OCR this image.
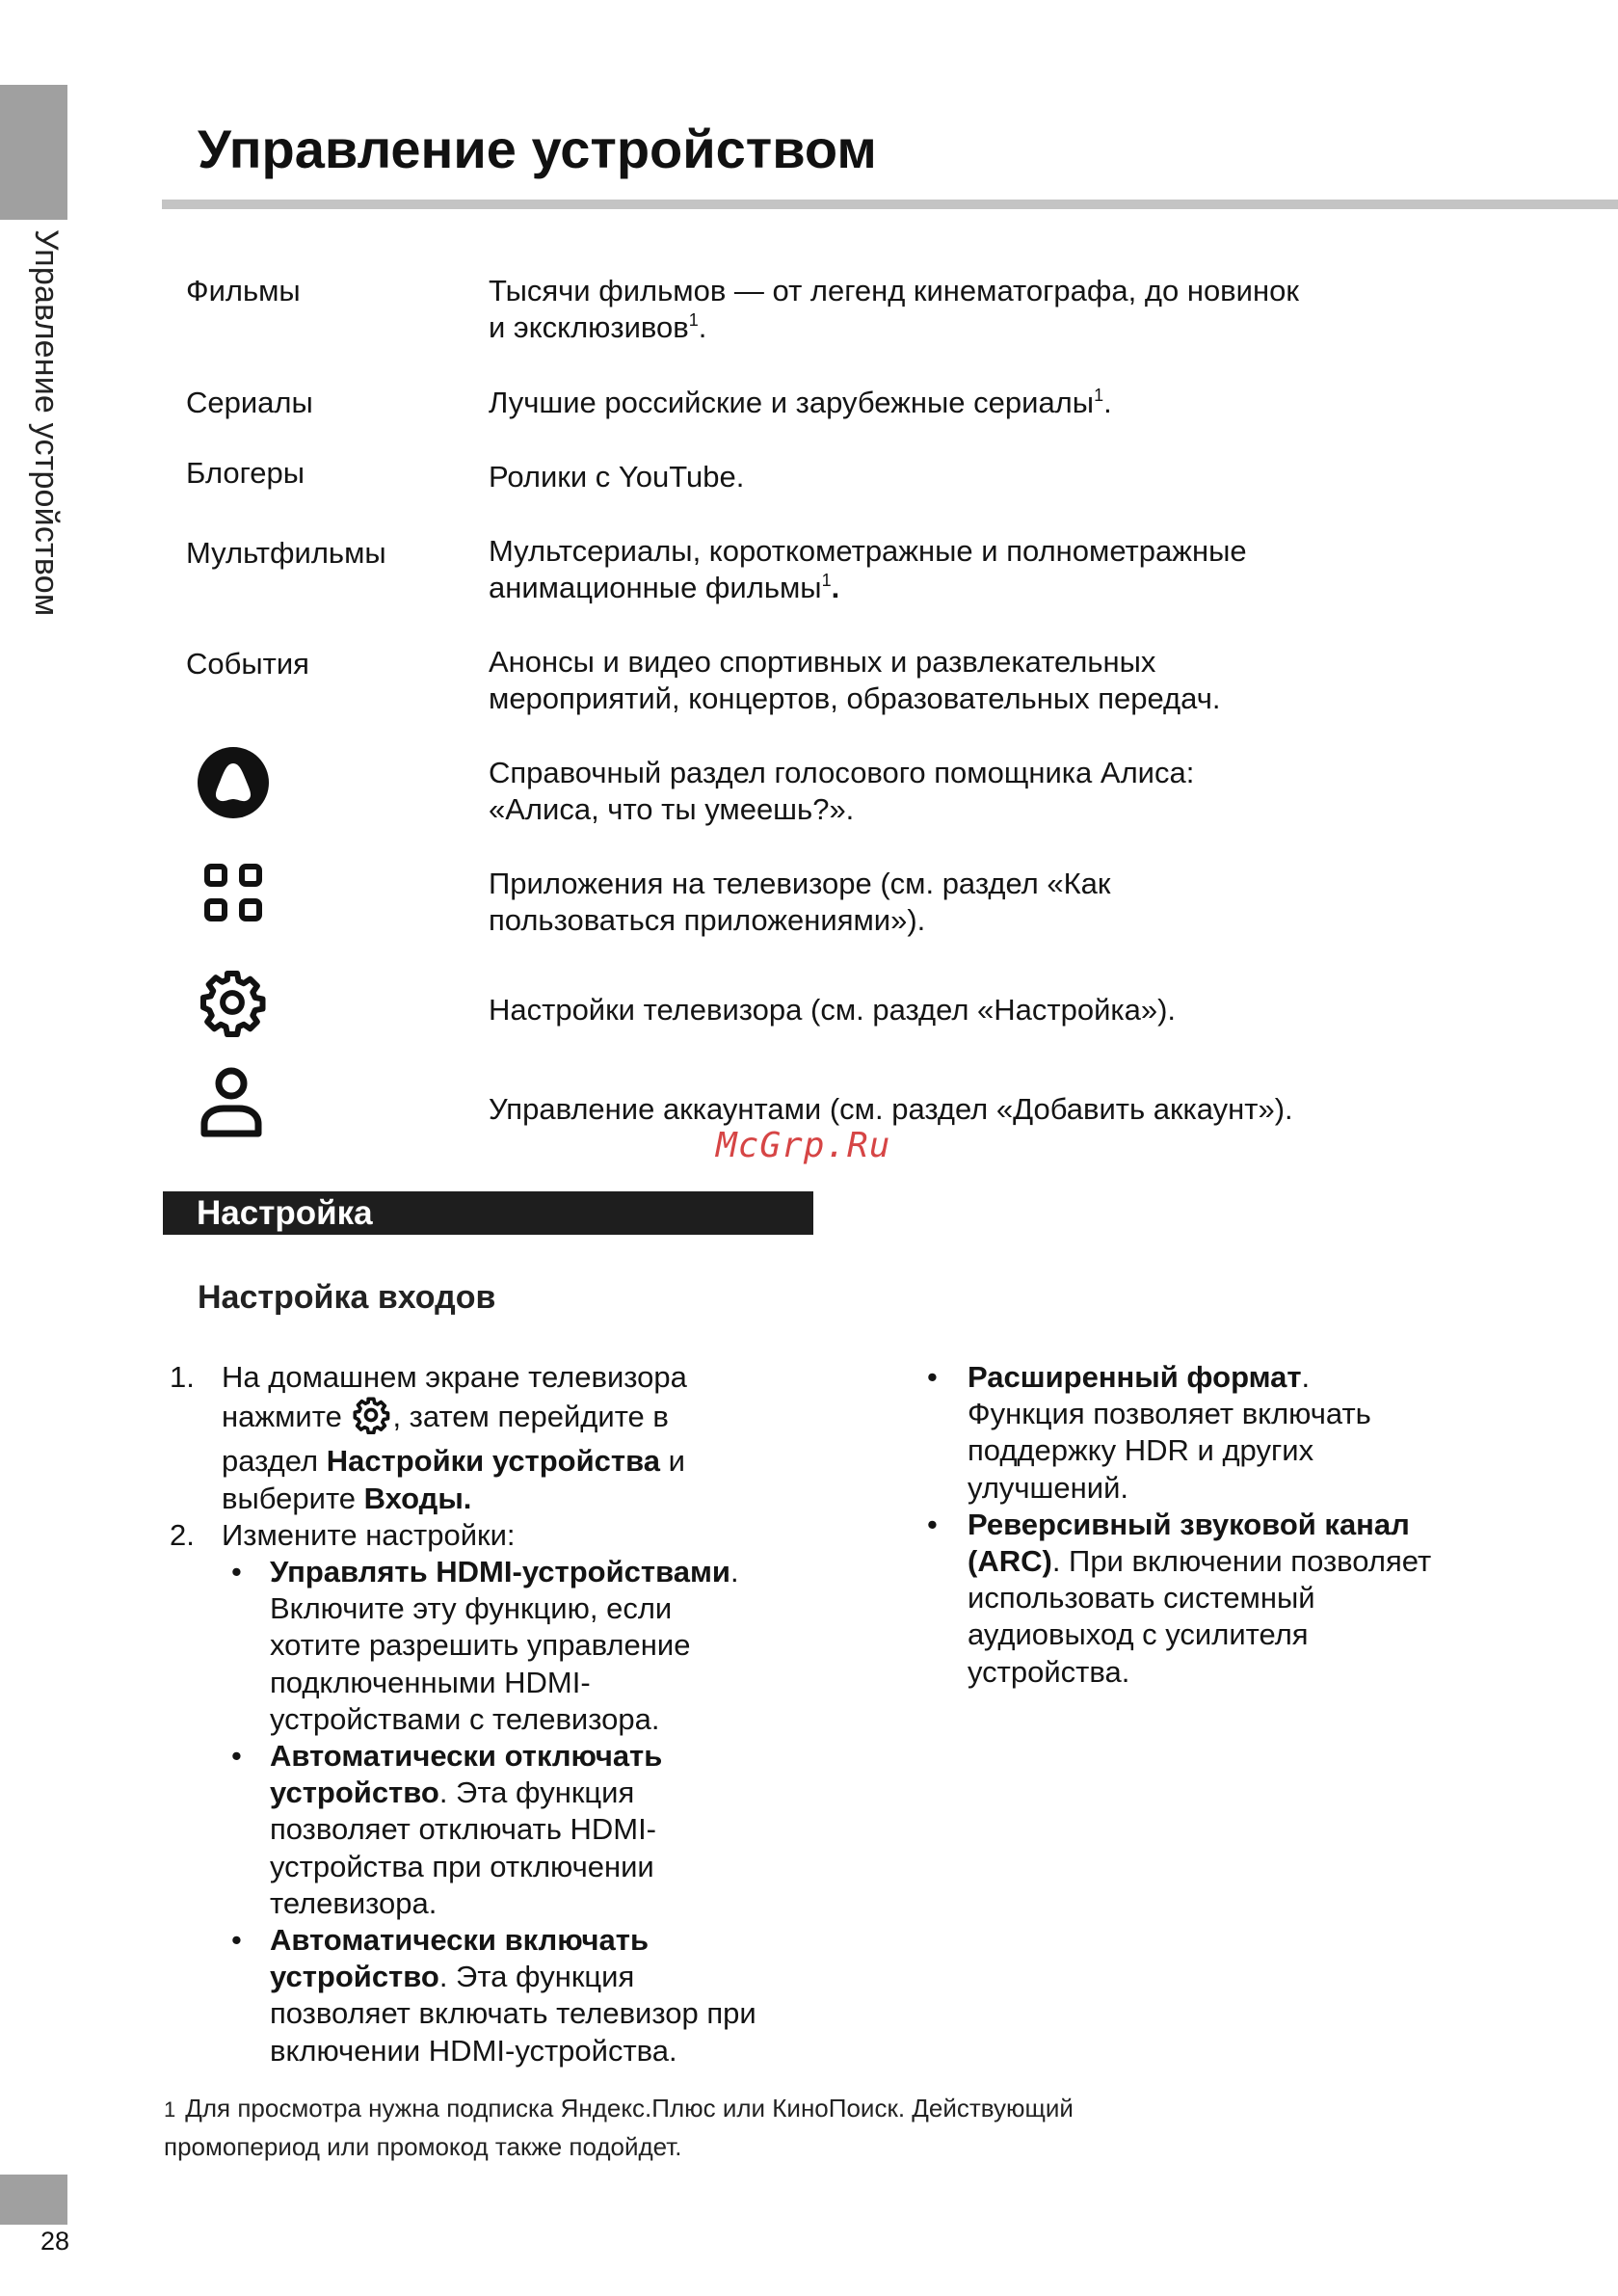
Управление устройством
28
Управление устройством
Фильмы	Тысячи фильмов — от легенд кинематографа, до новинок
и эксклюзивов$^1$.
Сериалы	Лучшие российские и зарубежные сериалы$^1$.
Блогеры	Ролики с YouTube.
Мультфильмы	Мультсериалы, короткометражные и полнометражные
анимационные фильмы$^1$.
События	Анонсы и видео спортивных и развлекательных
мероприятий, концертов, образовательных передач.
Справочный раздел голосового помощника Алиса:
«Алиса, что ты умеешь?».
Приложения на телевизоре (см. раздел «Как
пользоваться приложениями»).
Настройки телевизора (см. раздел «Настройка»).
Управление аккаунтами (см. раздел «Добавить аккаунт»).
McGrp.Ru
Настройка
Настройка входов
1. На домашнем экране телевизора
нажмите , затем перейдите в
раздел Настройки устройства и
выберите Входы.
2. Измените настройки:
• Управлять HDMI-устройствами.
Включите эту функцию, если
хотите разрешить управление
подключенными HDMI-
устройствами с телевизора.
• Автоматически отключать
устройство. Эта функция
позволяет отключать HDMI-
устройства при отключении
телевизора.
• Автоматически включать
устройство. Эта функция
позволяет включать телевизор при
включении HDMI-устройства.
• Расширенный формат.
Функция позволяет включать
поддержку HDR и других
улучшений.
• Реверсивный звуковой канал
(ARC). При включении позволяет
использовать системный
аудиовыход с усилителя
устройства.
1 Для просмотра нужна подписка Яндекс.Плюс или КиноПоиск. Действующий
промопериод или промокод также подойдет.
